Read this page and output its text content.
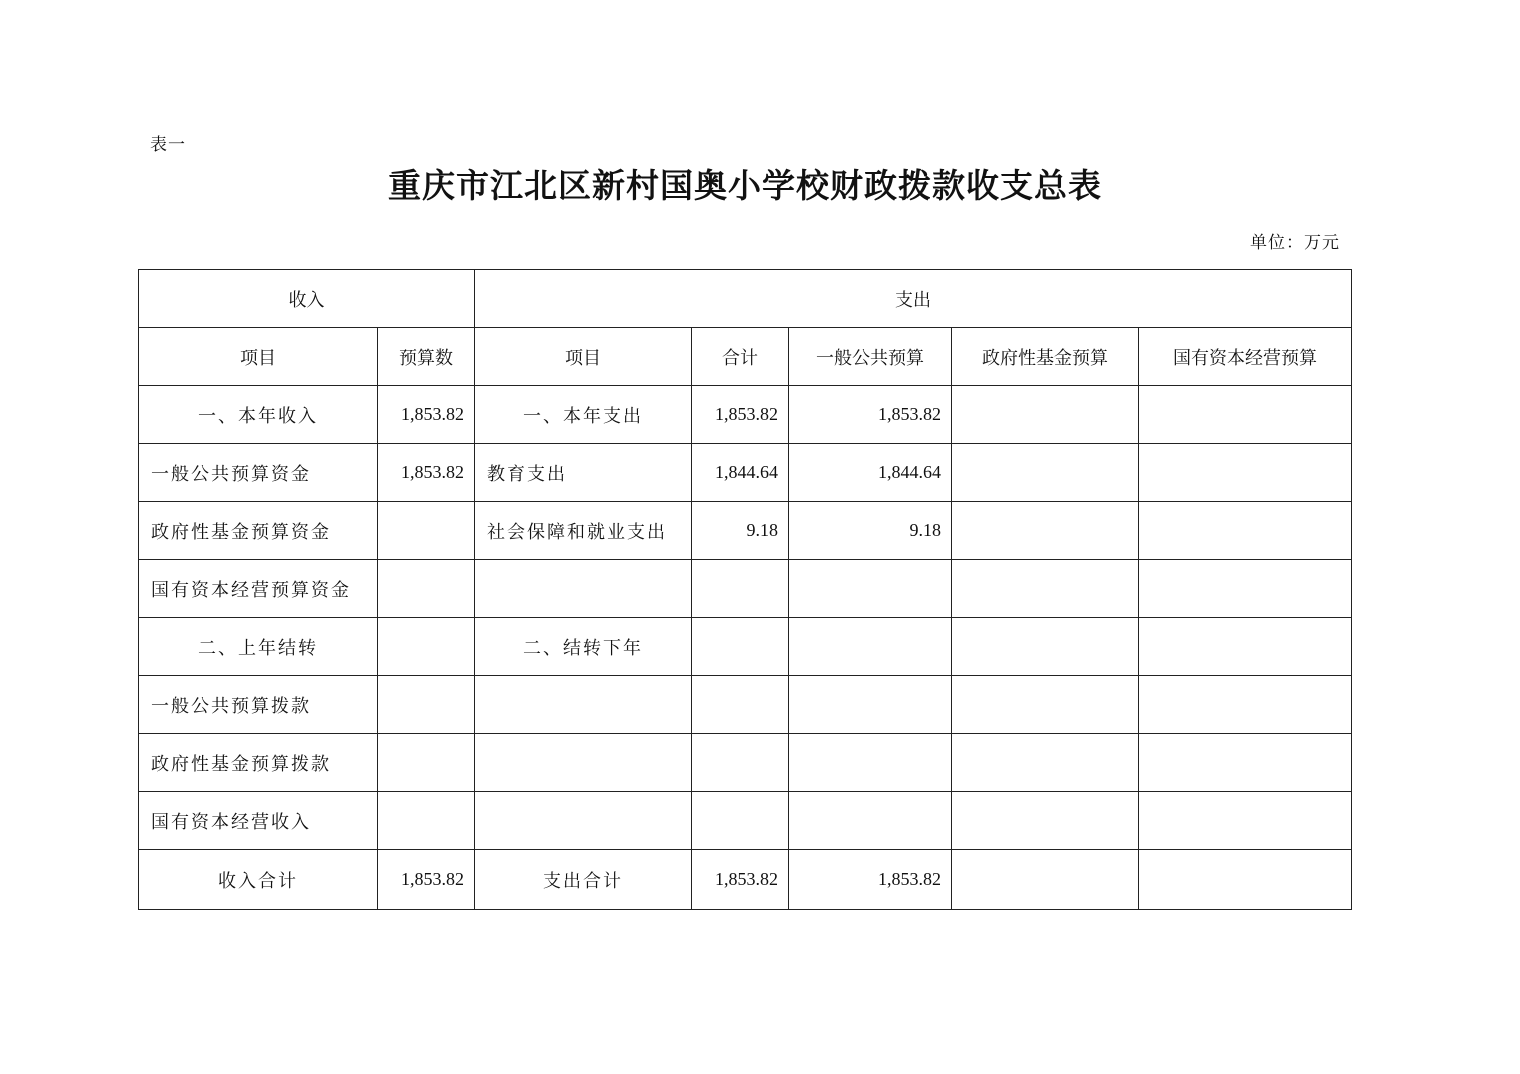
表一
重庆市江北区新村国奥小学校财政拨款收支总表
单位：万元
收入		支出				
项目	预算数	项目	合计	一般公共预算	政府性基金预算	国有资本经营预算
一、本年收入	1,853.82	一、本年支出	1,853.82	1,853.82		
一般公共预算资金	1,853.82	教育支出	1,844.64	1,844.64		
政府性基金预算资金		社会保障和就业支出	9.18	9.18		
国有资本经营预算资金						
二、上年结转		二、结转下年				
一般公共预算拨款						
政府性基金预算拨款						
国有资本经营收入						
收入合计	1,853.82	支出合计	1,853.82	1,853.82		
